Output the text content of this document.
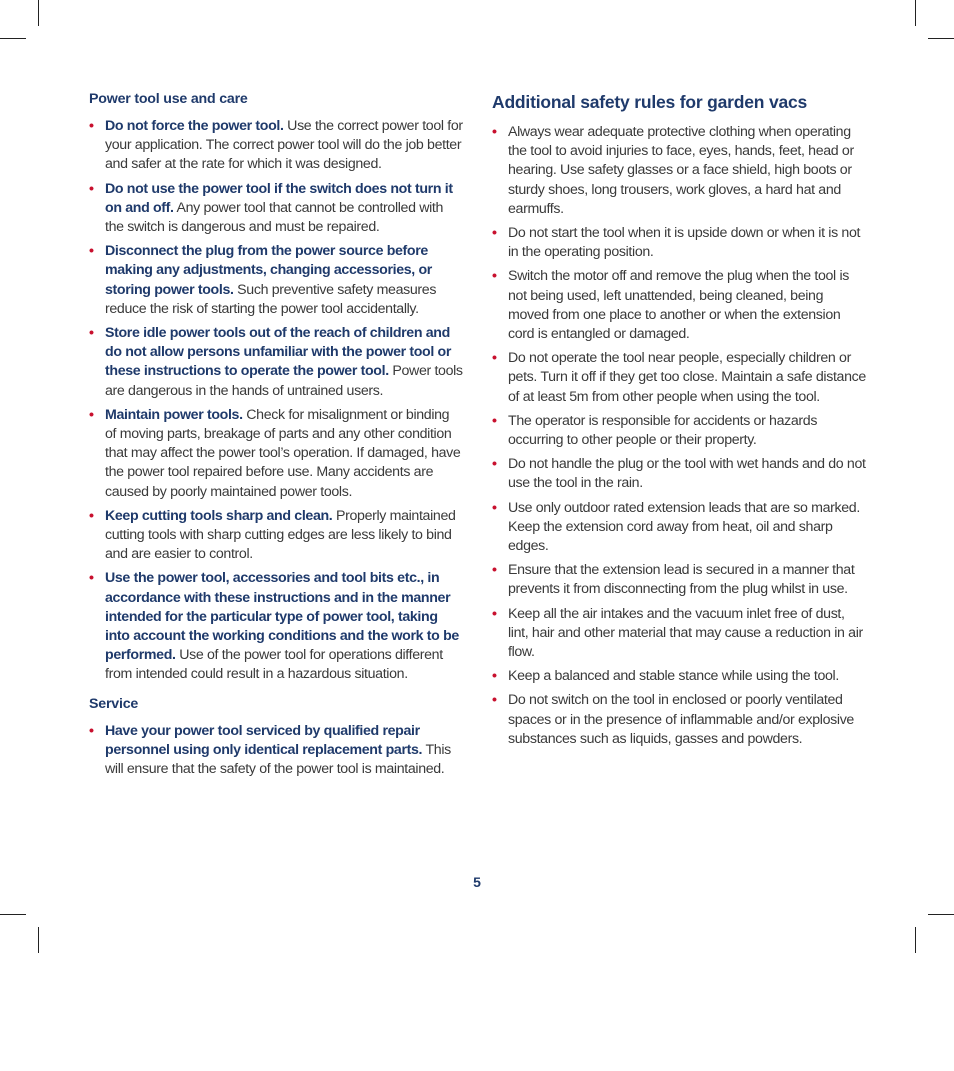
Power tool use and care
• Do not force the power tool. Use the correct power tool for your application. The correct power tool will do the job better and safer at the rate for which it was designed.
• Do not use the power tool if the switch does not turn it on and off. Any power tool that cannot be controlled with the switch is dangerous and must be repaired.
• Disconnect the plug from the power source before making any adjustments, changing accessories, or storing power tools. Such preventive safety measures reduce the risk of starting the power tool accidentally.
• Store idle power tools out of the reach of children and do not allow persons unfamiliar with the power tool or these instructions to operate the power tool. Power tools are dangerous in the hands of untrained users.
• Maintain power tools. Check for misalignment or binding of moving parts, breakage of parts and any other condition that may affect the power tool’s operation. If damaged, have the power tool repaired before use. Many accidents are caused by poorly maintained power tools.
• Keep cutting tools sharp and clean. Properly maintained cutting tools with sharp cutting edges are less likely to bind and are easier to control.
• Use the power tool, accessories and tool bits etc., in accordance with these instructions and in the manner intended for the particular type of power tool, taking into account the working conditions and the work to be performed. Use of the power tool for operations different from intended could result in a hazardous situation.
Service
• Have your power tool serviced by qualified repair personnel using only identical replacement parts. This will ensure that the safety of the power tool is maintained.
Additional safety rules for garden vacs
• Always wear adequate protective clothing when operating the tool to avoid injuries to face, eyes, hands, feet, head or hearing. Use safety glasses or a face shield, high boots or sturdy shoes, long trousers, work gloves, a hard hat and earmuffs.
• Do not start the tool when it is upside down or when it is not in the operating position.
• Switch the motor off and remove the plug when the tool is not being used, left unattended, being cleaned, being moved from one place to another or when the extension cord is entangled or damaged.
• Do not operate the tool near people, especially children or pets. Turn it off if they get too close. Maintain a safe distance of at least 5m from other people when using the tool.
• The operator is responsible for accidents or hazards occurring to other people or their property.
• Do not handle the plug or the tool with wet hands and do not use the tool in the rain.
• Use only outdoor rated extension leads that are so marked. Keep the extension cord away from heat, oil and sharp edges.
• Ensure that the extension lead is secured in a manner that prevents it from disconnecting from the plug whilst in use.
• Keep all the air intakes and the vacuum inlet free of dust, lint, hair and other material that may cause a reduction in air flow.
• Keep a balanced and stable stance while using the tool.
• Do not switch on the tool in enclosed or poorly ventilated spaces or in the presence of inflammable and/or explosive substances such as liquids, gasses and powders.
5
